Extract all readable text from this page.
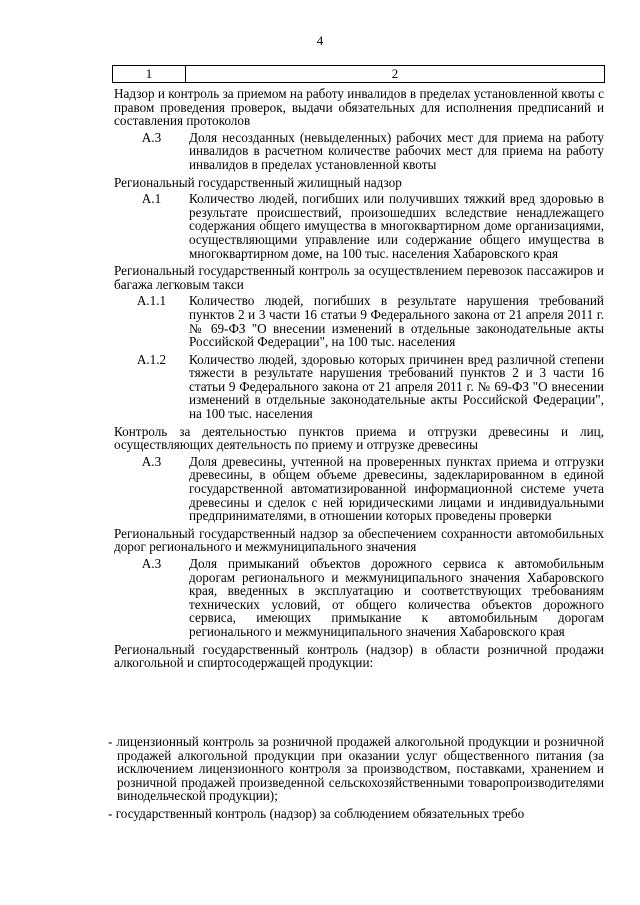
4
1	2

Надзор и контроль за приемом на работу инвалидов в пределах установленной квоты с правом проведения проверок, выдачи обязательных для исполнения предписаний и составления протоколов

А.3	Доля несозданных (невыделенных) рабочих мест для приема на работу инвалидов в расчетном количестве рабочих мест для приема на работу инвалидов в пределах установленной квоты

Региональный государственный жилищный надзор

А.1	Количество людей, погибших или получивших тяжкий вред здоровью в результате происшествий, произошедших вследствие ненадлежащего содержания общего имущества в многоквартирном доме организациями, осуществляющими управление или содержание общего имущества в многоквартирном доме, на 100 тыс. населения Хабаровского края

Региональный государственный контроль за осуществлением перевозок пассажиров и багажа легковым такси

А.1.1	Количество людей, погибших в результате нарушения требований пунктов 2 и 3 части 16 статьи 9 Федерального закона от 21 апреля 2011 г. № 69-ФЗ "О внесении изменений в отдельные законодательные акты Российской Федерации", на 100 тыс. населения
А.1.2	Количество людей, здоровью которых причинен вред различной степени тяжести в результате нарушения требований пунктов 2 и 3 части 16 статьи 9 Федерального закона от 21 апреля 2011 г. № 69-ФЗ "О внесении изменений в отдельные законодательные акты Российской Федерации", на 100 тыс. населения

Контроль за деятельностью пунктов приема и отгрузки древесины и лиц, осуществляющих деятельность по приему и отгрузке древесины

А.3	Доля древесины, учтенной на проверенных пунктах приема и отгрузки древесины, в общем объеме древесины, задекларированном в единой государственной автоматизированной информационной системе учета древесины и сделок с ней юридическими лицами и индивидуальными предпринимателями, в отношении которых проведены проверки

Региональный государственный надзор за обеспечением сохранности автомобильных дорог регионального и межмуниципального значения

А.3	Доля примыканий объектов дорожного сервиса к автомобильным дорогам регионального и межмуниципального значения Хабаровского края, введенных в эксплуатацию и соответствующих требованиям технических условий, от общего количества объектов дорожного сервиса, имеющих примыкание к автомобильным дорогам регионального и межмуниципального значения Хабаровского края

Региональный государственный контроль (надзор) в области розничной продажи алкогольной и спиртосодержащей продукции:

- лицензионный контроль за розничной продажей алкогольной продукции и розничной продажей алкогольной продукции при оказании услуг общественного питания (за исключением лицензионного контроля за производством, поставками, хранением и розничной продажей произведенной сельскохозяйственными товаропроизводителями винодельческой продукции);

- государственный контроль (надзор) за соблюдением обязательных требо
